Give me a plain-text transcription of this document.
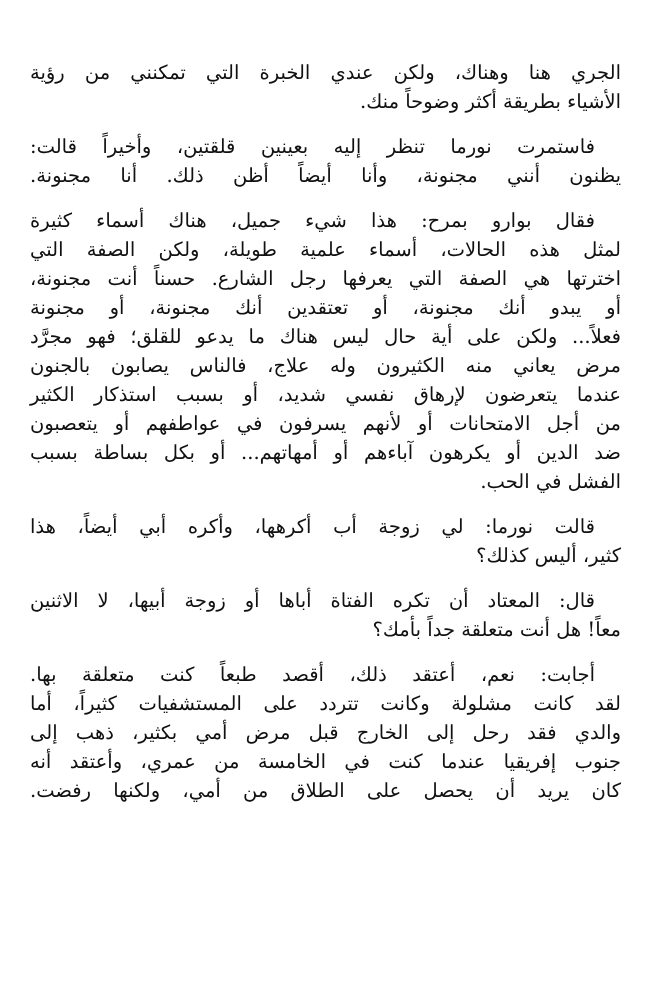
الجري هنا وهناك، ولكن عندي الخبرة التي تمكنني من رؤية
الأشياء بطريقة أكثر وضوحاً منك.
فاستمرت نورما تنظر إليه بعينين قلقتين، وأخيراً قالت:
يظنون أنني مجنونة، وأنا أيضاً أظن ذلك. أنا مجنونة.
فقال بوارو بمرح: هذا شيء جميل، هناك أسماء كثيرة
لمثل هذه الحالات، أسماء علمية طويلة، ولكن الصفة التي
اخترتها هي الصفة التي يعرفها رجل الشارع. حسناً أنت مجنونة،
أو يبدو أنك مجنونة، أو تعتقدين أنك مجنونة، أو مجنونة
فعلاً... ولكن على أية حال ليس هناك ما يدعو للقلق؛ فهو مجرَّد
مرض يعاني منه الكثيرون وله علاج، فالناس يصابون بالجنون
عندما يتعرضون لإرهاق نفسي شديد، أو بسبب استذكار الكثير
من أجل الامتحانات أو لأنهم يسرفون في عواطفهم أو يتعصبون
ضد الدين أو يكرهون آباءهم أو أمهاتهم... أو بكل بساطة بسبب
الفشل في الحب.
قالت نورما: لي زوجة أب أكرهها، وأكره أبي أيضاً، هذا
كثير، أليس كذلك؟
قال: المعتاد أن تكره الفتاة أباها أو زوجة أبيها، لا الاثنين
معاً! هل أنت متعلقة جداً بأمك؟
أجابت: نعم، أعتقد ذلك، أقصد طبعاً كنت متعلقة بها.
لقد كانت مشلولة وكانت تتردد على المستشفيات كثيراً، أما
والدي فقد رحل إلى الخارج قبل مرض أمي بكثير، ذهب إلى
جنوب إفريقيا عندما كنت في الخامسة من عمري، وأعتقد أنه
كان يريد أن يحصل على الطلاق من أمي، ولكنها رفضت.
